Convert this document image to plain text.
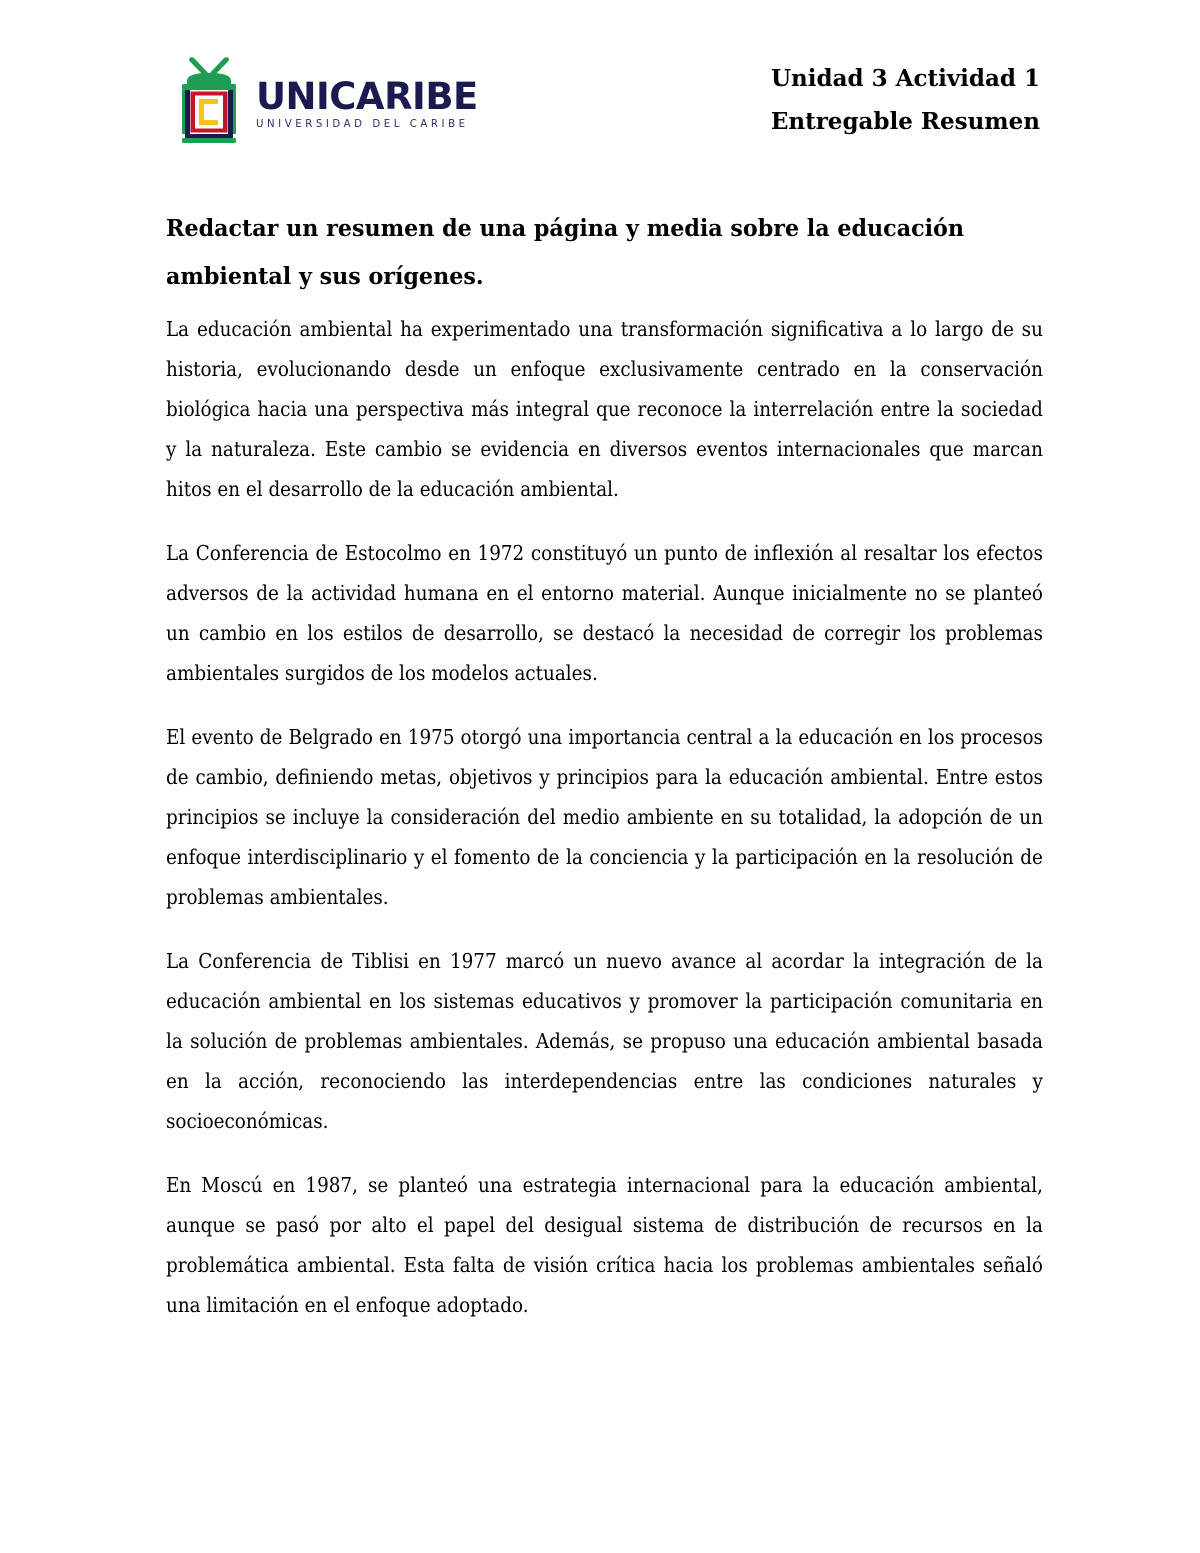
UNICARIBE
UNIVERSIDAD DEL CARIBE
Unidad 3 Actividad 1
Entregable Resumen
Redactar un resumen de una página y media sobre la educación ambiental y sus orígenes.

La educación ambiental ha experimentado una transformación significativa a lo largo de su historia, evolucionando desde un enfoque exclusivamente centrado en la conservación biológica hacia una perspectiva más integral que reconoce la interrelación entre la sociedad y la naturaleza. Este cambio se evidencia en diversos eventos internacionales que marcan hitos en el desarrollo de la educación ambiental.

La Conferencia de Estocolmo en 1972 constituyó un punto de inflexión al resaltar los efectos adversos de la actividad humana en el entorno material. Aunque inicialmente no se planteó un cambio en los estilos de desarrollo, se destacó la necesidad de corregir los problemas ambientales surgidos de los modelos actuales.

El evento de Belgrado en 1975 otorgó una importancia central a la educación en los procesos de cambio, definiendo metas, objetivos y principios para la educación ambiental. Entre estos principios se incluye la consideración del medio ambiente en su totalidad, la adopción de un enfoque interdisciplinario y el fomento de la conciencia y la participación en la resolución de problemas ambientales.

La Conferencia de Tiblisi en 1977 marcó un nuevo avance al acordar la integración de la educación ambiental en los sistemas educativos y promover la participación comunitaria en la solución de problemas ambientales. Además, se propuso una educación ambiental basada en la acción, reconociendo las interdependencias entre las condiciones naturales y socioeconómicas.

En Moscú en 1987, se planteó una estrategia internacional para la educación ambiental, aunque se pasó por alto el papel del desigual sistema de distribución de recursos en la problemática ambiental. Esta falta de visión crítica hacia los problemas ambientales señaló una limitación en el enfoque adoptado.
